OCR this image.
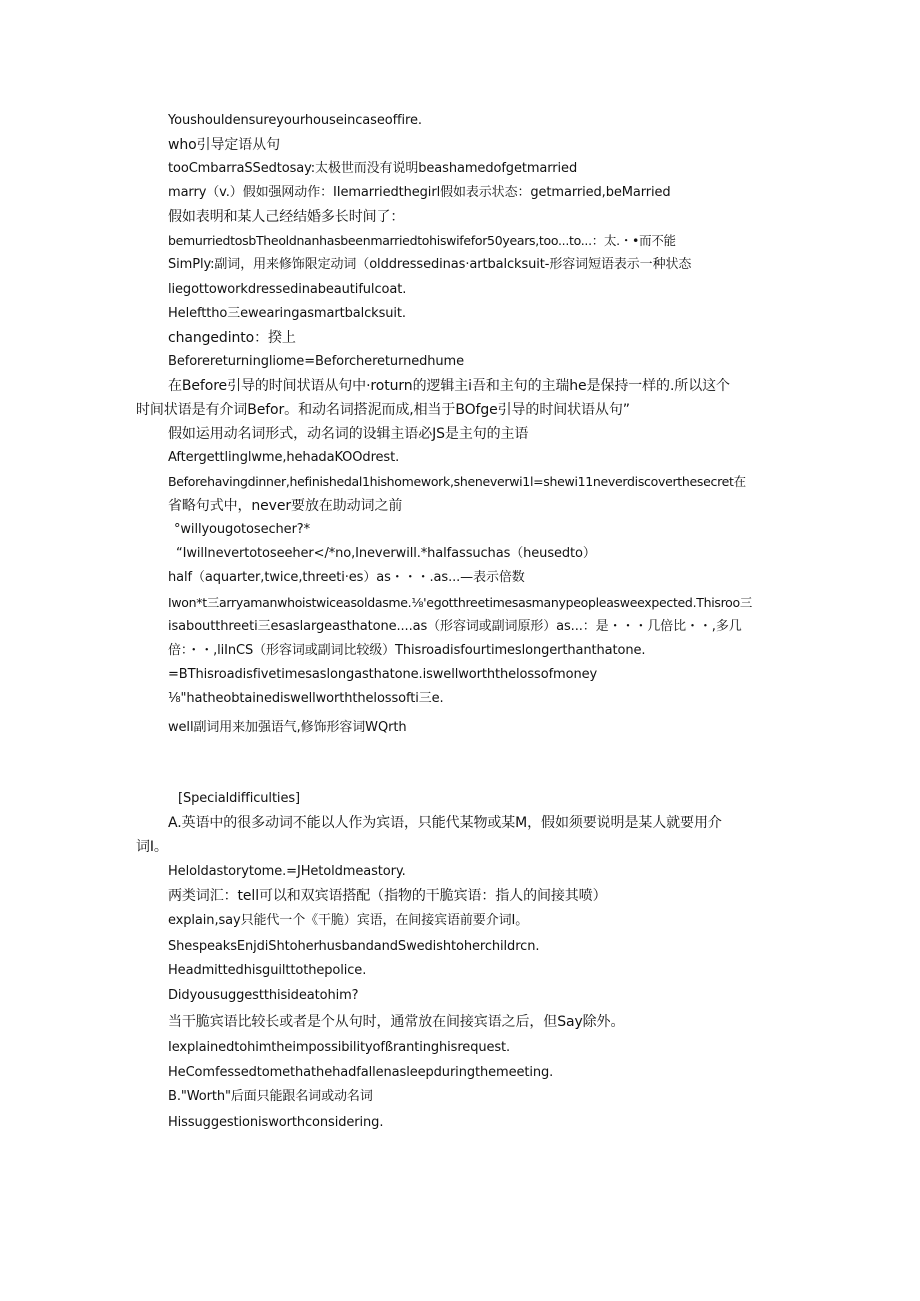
Youshouldensureyourhouseincaseoffire.
who引导定语从句
tooCmbarraSSedtosay:太极世而没有说明beashamedofgetmarried
marry（v.）假如强网动作：IIemarriedthegirl假如表示状态：getmarried,beMarried
假如表明和某人己经结婚多长时间了：
bemurriedtosbTheoldnanhasbeenmarriedtohiswifefor50years,too...to...：太.・•而不能
SimPly:副词，用来修饰限定动词（olddressedinas·artbalcksuit-形容词短语表示一种状态
liegottoworkdressedinabeautifulcoat.
Helefttho三ewearingasmartbalcksuit.
changedinto：揆上
Beforereturningliome=Beforchereturnedhume
在Before引导的时间状语从句中·roturn的逻辑主i吾和主句的主瑞he是保持一样的.所以这个
时间状语是有介词Befor。和动名词搭泥而成,相当于BOfge引导的时间状语从句”
假如运用动名词形式，动名词的设辑主语必JS是主句的主语
Aftergettlinglwme,hehadaKOOdrest.
Beforehavingdinner,hefinishedal1hishomework,sheneverwi1l=shewi11neverdiscoverthesecret在
省略句式中，never要放在助动词之前
°willyougotosecher?*
“Iwillnevertotoseeher</*no,Ineverwill.*halfassuchas（heusedto）
half（aquarter,twice,threeti·es）as・・・.as...—表示倍数
Iwon*t三arryamanwhoistwiceasoldasme.⅛'egotthreetimesasmanypeopleasweexpected.Thisroo三
isaboutthreeti三esaslargeasthatone....as（形容词或副词原形）as...：是・・・几倍比・・,多几
倍：・・,liInCS（形容词或副词比较级）Thisroadisfourtimeslongerthanthatone.
=BThisroadisfivetimesaslongasthatone.iswellworththelossofmoney
⅛"hatheobtainediswellworththelossofti三e.
well副词用来加强语气,修饰形容词WQrth
[Specialdifficulties]
A.英语中的很多动词不能以人作为宾语，只能代某物或某M，假如须要说明是某人就要用介
词I。
Heloldastorytome.=JHetoldmeastory.
两类词汇：tell可以和双宾语搭配（指物的干脆宾语：指人的间接其喷）
explain,say只能代一个《干脆）宾语，在间接宾语前要介词I。
ShespeaksEnjdiShtoherhusbandandSwedishtoherchildrcn.
Headmittedhisguilttothepolice.
Didyousuggestthisideatohim?
当干脆宾语比较长或者是个从句时，通常放在间接宾语之后，但Say除外。
Iexplainedtohimtheimpossibilityofßrantinghisrequest.
HeComfessedtomethathehadfallenasleepduringthemeeting.
B."Worth"后面只能跟名词或动名词
Hissuggestionisworthconsidering.
